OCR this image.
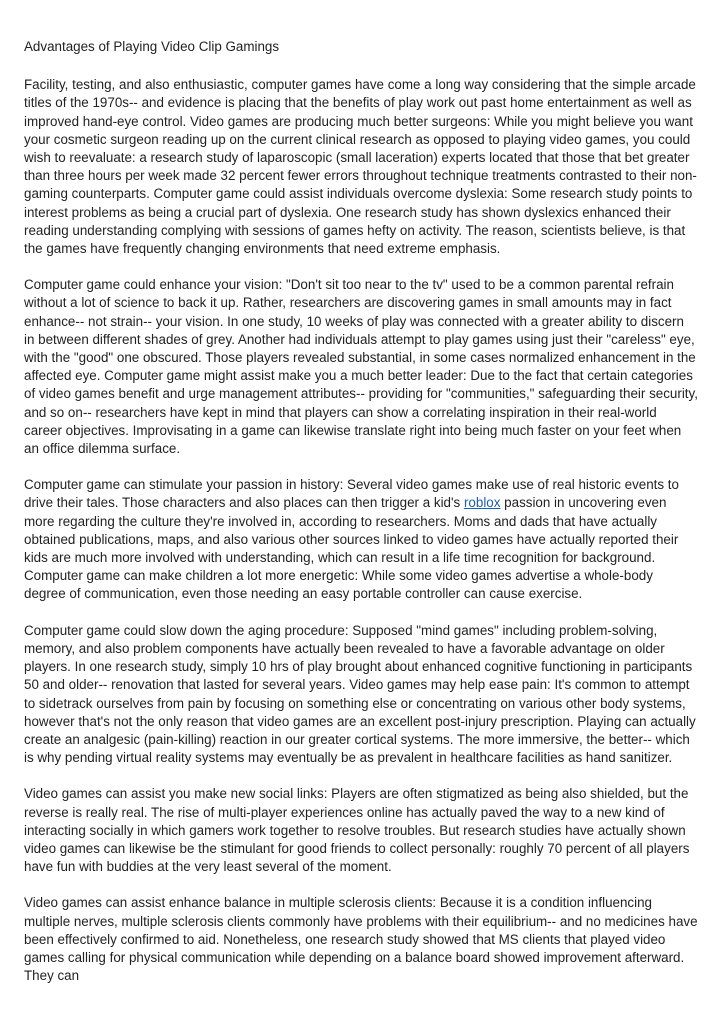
Advantages of Playing Video Clip Gamings

Facility, testing, and also enthusiastic, computer games have come a long way considering that the simple arcade titles of the 1970s-- and evidence is placing that the benefits of play work out past home entertainment as well as improved hand-eye control. Video games are producing much better surgeons: While you might believe you want your cosmetic surgeon reading up on the current clinical research as opposed to playing video games, you could wish to reevaluate: a research study of laparoscopic (small laceration) experts located that those that bet greater than three hours per week made 32 percent fewer errors throughout technique treatments contrasted to their non-gaming counterparts. Computer game could assist individuals overcome dyslexia: Some research study points to interest problems as being a crucial part of dyslexia. One research study has shown dyslexics enhanced their reading understanding complying with sessions of games hefty on activity. The reason, scientists believe, is that the games have frequently changing environments that need extreme emphasis.

Computer game could enhance your vision: "Don't sit too near to the tv" used to be a common parental refrain without a lot of science to back it up. Rather, researchers are discovering games in small amounts may in fact enhance-- not strain-- your vision. In one study, 10 weeks of play was connected with a greater ability to discern in between different shades of grey. Another had individuals attempt to play games using just their "careless" eye, with the "good" one obscured. Those players revealed substantial, in some cases normalized enhancement in the affected eye. Computer game might assist make you a much better leader: Due to the fact that certain categories of video games benefit and urge management attributes-- providing for "communities," safeguarding their security, and so on-- researchers have kept in mind that players can show a correlating inspiration in their real-world career objectives. Improvisating in a game can likewise translate right into being much faster on your feet when an office dilemma surface.

Computer game can stimulate your passion in history: Several video games make use of real historic events to drive their tales. Those characters and also places can then trigger a kid's roblox passion in uncovering even more regarding the culture they're involved in, according to researchers. Moms and dads that have actually obtained publications, maps, and also various other sources linked to video games have actually reported their kids are much more involved with understanding, which can result in a life time recognition for background. Computer game can make children a lot more energetic: While some video games advertise a whole-body degree of communication, even those needing an easy portable controller can cause exercise.

Computer game could slow down the aging procedure: Supposed "mind games" including problem-solving, memory, and also problem components have actually been revealed to have a favorable advantage on older players. In one research study, simply 10 hrs of play brought about enhanced cognitive functioning in participants 50 and older-- renovation that lasted for several years. Video games may help ease pain: It's common to attempt to sidetrack ourselves from pain by focusing on something else or concentrating on various other body systems, however that's not the only reason that video games are an excellent post-injury prescription. Playing can actually create an analgesic (pain-killing) reaction in our greater cortical systems. The more immersive, the better-- which is why pending virtual reality systems may eventually be as prevalent in healthcare facilities as hand sanitizer.

Video games can assist you make new social links: Players are often stigmatized as being also shielded, but the reverse is really real. The rise of multi-player experiences online has actually paved the way to a new kind of interacting socially in which gamers work together to resolve troubles. But research studies have actually shown video games can likewise be the stimulant for good friends to collect personally: roughly 70 percent of all players have fun with buddies at the very least several of the moment.

Video games can assist enhance balance in multiple sclerosis clients: Because it is a condition influencing multiple nerves, multiple sclerosis clients commonly have problems with their equilibrium-- and no medicines have been effectively confirmed to aid. Nonetheless, one research study showed that MS clients that played video games calling for physical communication while depending on a balance board showed improvement afterward. They can
